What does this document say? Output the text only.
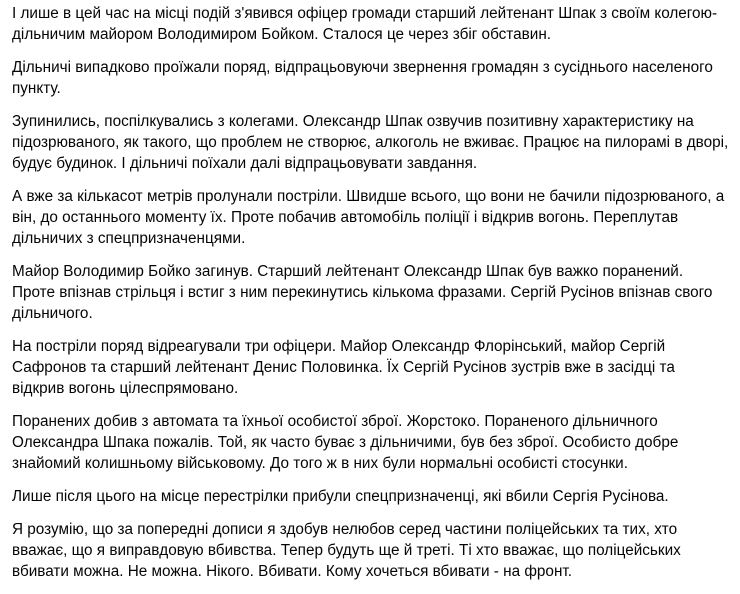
І лише в цей час на місці подій з'явився офіцер громади старший лейтенант Шпак з своїм колегою-дільничим майором Володимиром Бойком. Сталося це через збіг обставин.

Дільничі випадково проїжали поряд, відпрацьовуючи звернення громадян з сусіднього населеного пункту.

Зупинились, поспілкувались з колегами. Олександр Шпак озвучив позитивну характеристику на підозрюваного, як такого, що проблем не створює, алкоголь не вживає. Працює на пилорамі в дворі, будує будинок. І дільничі поїхали далі відпрацьовувати завдання.

А вже за кількасот метрів пролунали постріли. Швидше всього, що вони не бачили підозрюваного, а він, до останнього моменту їх. Проте побачив автомобіль поліції і відкрив вогонь. Переплутав дільничих з спецпризначенцями.

Майор Володимир Бойко загинув. Старший лейтенант Олександр Шпак був важко поранений. Проте впізнав стрільця і встиг з ним перекинутись кількома фразами. Сергій Русінов впізнав свого дільничого.

На постріли поряд відреагували три офіцери. Майор Олександр Флорінський, майор Сергій Сафронов та старший лейтенант Денис Половинка. Їх Сергій Русінов зустрів вже в засідці та відкрив вогонь цілеспрямовано.

Поранених добив з автомата та їхньої особистої зброї. Жорстоко. Пораненого дільничного Олександра Шпака пожалів. Той, як часто буває з дільничими, був без зброї. Особисто добре знайомий колишньому військовому. До того ж в них були нормальні особисті стосунки.

Лише після цього на місце перестрілки прибули спецпризначенці, які вбили Сергія Русінова.

Я розумію, що за попередні дописи я здобув нелюбов серед частини поліцейських та тих, хто вважає, що я виправдовую вбивства. Тепер будуть ще й треті. Ті хто вважає, що поліцейських вбивати можна. Не можна. Нікого. Вбивати. Кому хочеться вбивати - на фронт.
